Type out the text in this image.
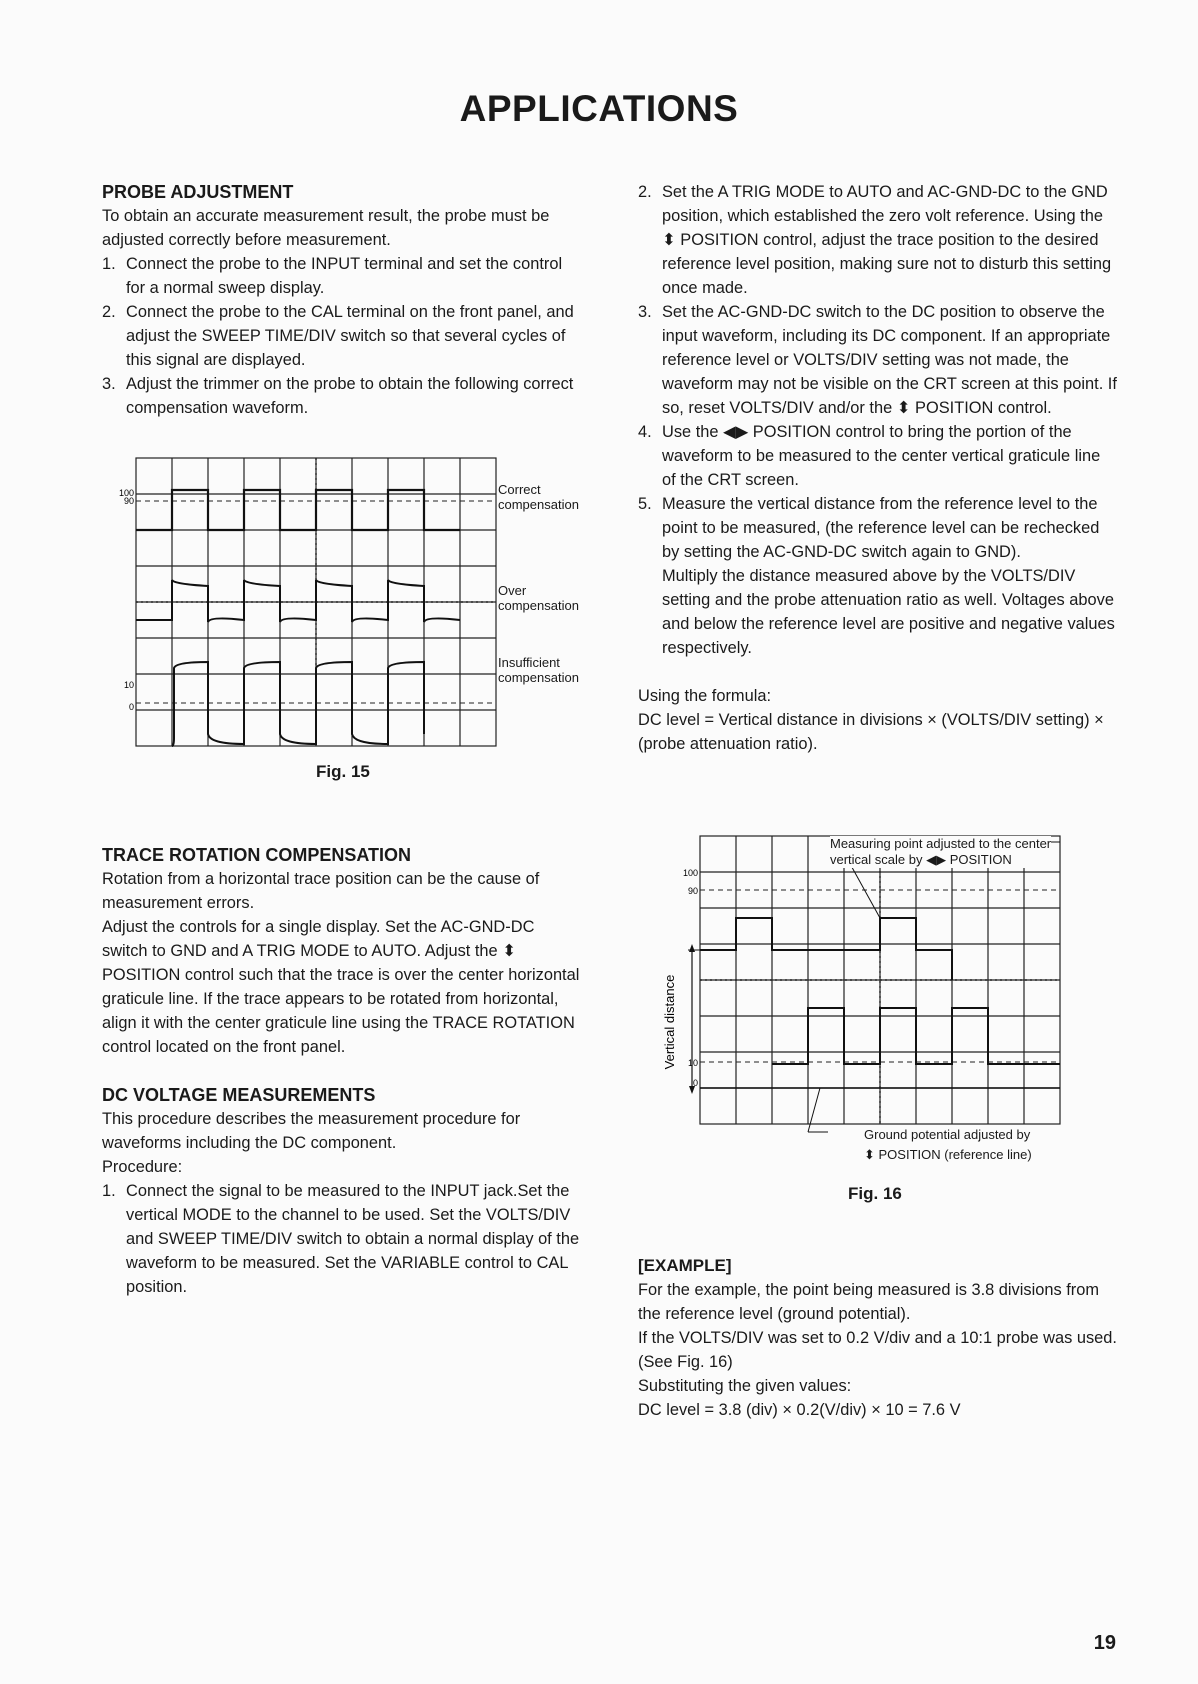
APPLICATIONS

PROBE ADJUSTMENT

To obtain an accurate measurement result, the probe must be adjusted correctly before measurement.

1. Connect the probe to the INPUT terminal and set the control for a normal sweep display.
2. Connect the probe to the CAL terminal on the front panel, and adjust the SWEEP TIME/DIV switch so that several cycles of this signal are displayed.
3. Adjust the trimmer on the probe to obtain the following correct compensation waveform.
100
90
10
0
Correct compensation
Over compensation
Insufficient compensation
Fig. 15

TRACE ROTATION COMPENSATION

Rotation from a horizontal trace position can be the cause of measurement errors.

Adjust the controls for a single display. Set the AC-GND-DC switch to GND and A TRIG MODE to AUTO. Adjust the ⬍ POSITION control such that the trace is over the center horizontal graticule line. If the trace appears to be rotated from horizontal, align it with the center graticule line using the TRACE ROTATION control located on the front panel.

DC VOLTAGE MEASUREMENTS

This procedure describes the measurement procedure for waveforms including the DC component.

Procedure:

1. Connect the signal to be measured to the INPUT jack.Set the vertical MODE to the channel to be used. Set the VOLTS/DIV and SWEEP TIME/DIV switch to obtain a normal display of the waveform to be measured. Set the VARIABLE control to CAL position.
2. Set the A TRIG MODE to AUTO and AC-GND-DC to the GND position, which established the zero volt reference. Using the ⬍ POSITION control, adjust the trace position to the desired reference level position, making sure not to disturb this setting once made.
3. Set the AC-GND-DC switch to the DC position to observe the input waveform, including its DC component. If an appropriate reference level or VOLTS/DIV setting was not made, the waveform may not be visible on the CRT screen at this point. If so, reset VOLTS/DIV and/or the ⬍ POSITION control.
4. Use the ◀▶ POSITION control to bring the portion of the waveform to be measured to the center vertical graticule line of the CRT screen.
5. Measure the vertical distance from the reference level to the point to be measured, (the reference level can be rechecked by setting the AC-GND-DC switch again to GND).

Multiply the distance measured above by the VOLTS/DIV setting and the probe attenuation ratio as well. Voltages above and below the reference level are positive and negative values respectively.

Using the formula:

DC level = Vertical distance in divisions × (VOLTS/DIV setting) × (probe attenuation ratio).

100
90
10
0
Vertical distance
Measuring point adjusted to the center
vertical scale by ◀▶ POSITION
Ground potential adjusted by
⬍ POSITION (reference line)
Fig. 16

[EXAMPLE]

For the example, the point being measured is 3.8 divisions from the reference level (ground potential).

If the VOLTS/DIV was set to 0.2 V/div and a 10:1 probe was used. (See Fig. 16)

Substituting the given values:

DC level = 3.8 (div) × 0.2(V/div) × 10 = 7.6 V

19
